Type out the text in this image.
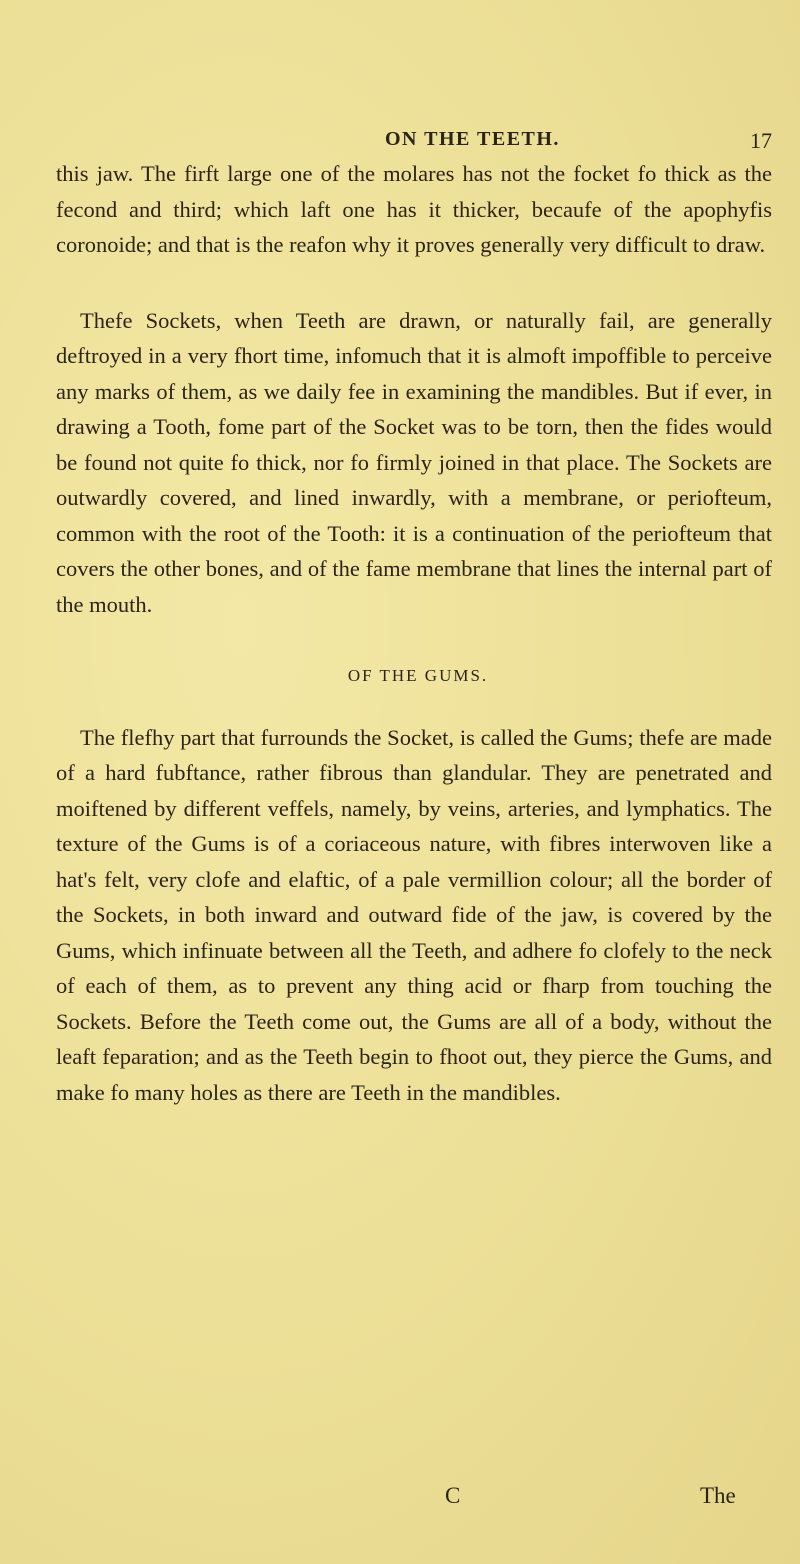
ON THE TEETH.	17

this jaw. The firft large one of the molares has not the focket fo thick as the fecond and third; which laft one has it thicker, becaufe of the apophyfis coronoide; and that is the reafon why it proves generally very difficult to draw.

Thefe Sockets, when Teeth are drawn, or naturally fail, are generally deftroyed in a very fhort time, infomuch that it is almoft impoffible to perceive any marks of them, as we daily fee in examining the mandibles. But if ever, in drawing a Tooth, fome part of the Socket was to be torn, then the fides would be found not quite fo thick, nor fo firmly joined in that place. The Sockets are outwardly covered, and lined inwardly, with a membrane, or periofteum, common with the root of the Tooth: it is a continuation of the periofteum that covers the other bones, and of the fame membrane that lines the internal part of the mouth.

OF THE GUMS.

The flefhy part that furrounds the Socket, is called the Gums; thefe are made of a hard fubftance, rather fibrous than glandular. They are penetrated and moiftened by different veffels, namely, by veins, arteries, and lymphatics. The texture of the Gums is of a coriaceous nature, with fibres interwoven like a hat's felt, very clofe and elaftic, of a pale vermillion colour; all the border of the Sockets, in both inward and outward fide of the jaw, is covered by the Gums, which infinuate between all the Teeth, and adhere fo clofely to the neck of each of them, as to prevent any thing acid or fharp from touching the Sockets. Before the Teeth come out, the Gums are all of a body, without the leaft feparation; and as the Teeth begin to fhoot out, they pierce the Gums, and make fo many holes as there are Teeth in the mandibles.

C	The
